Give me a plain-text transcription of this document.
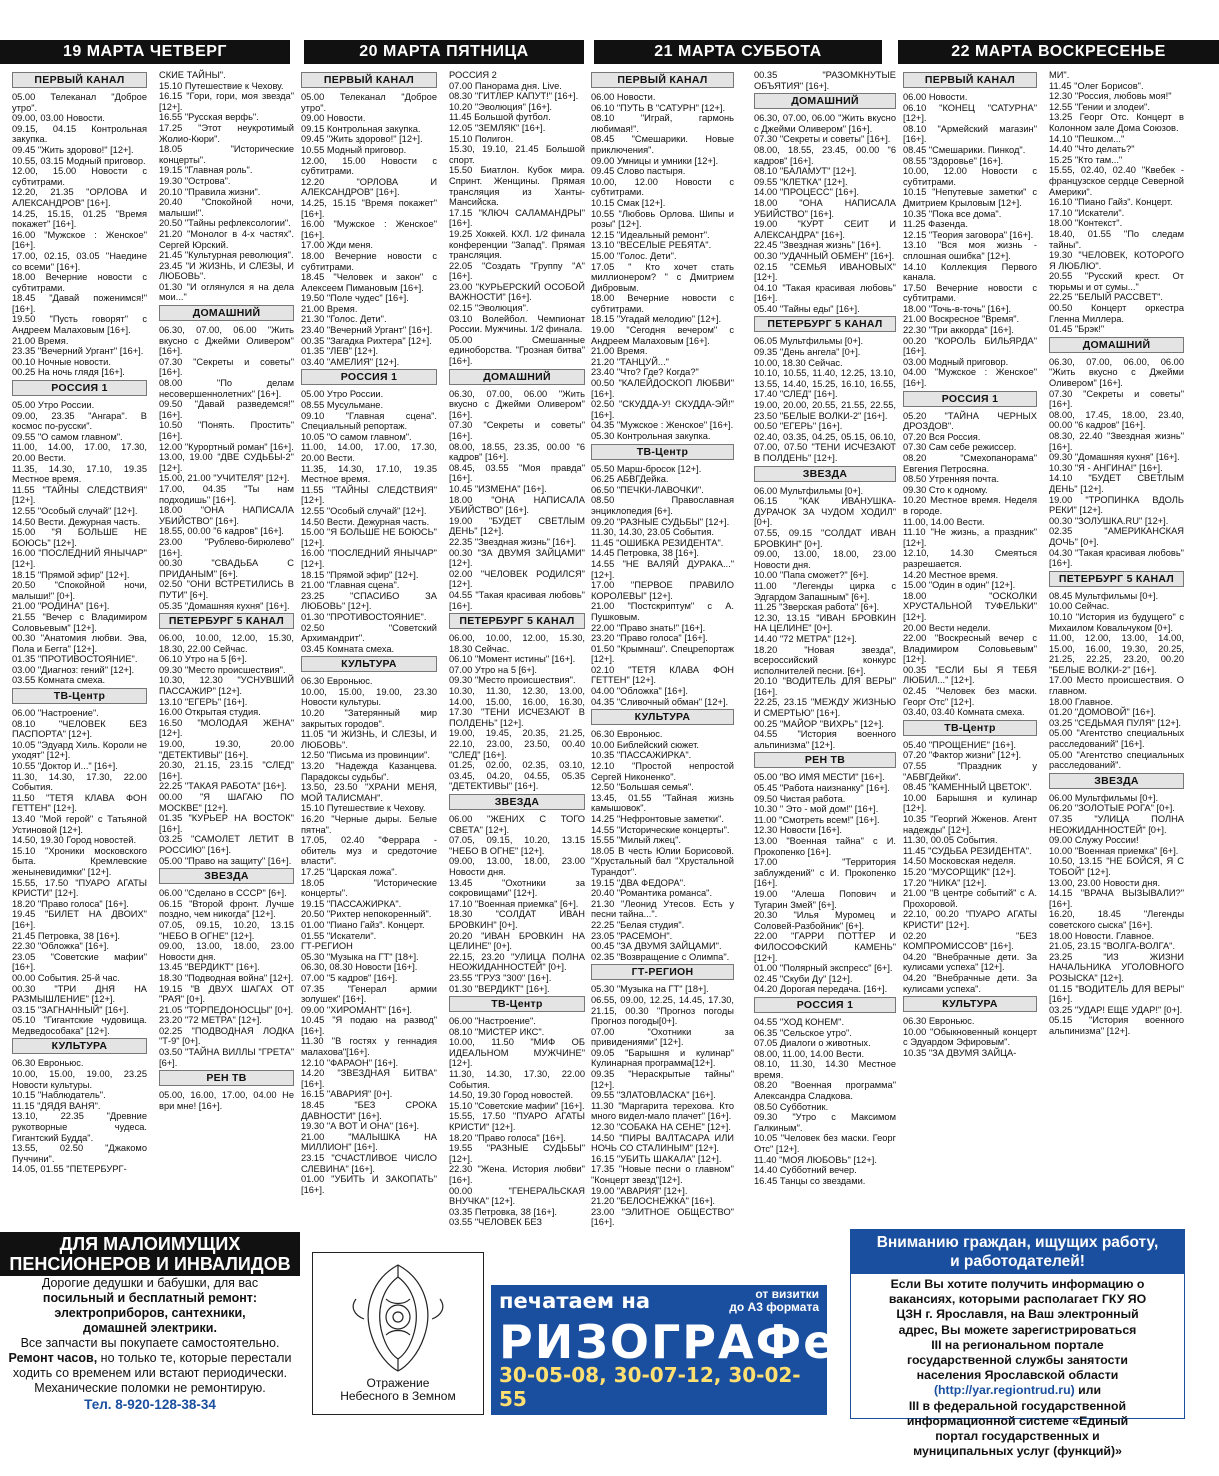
19 МАРТА ЧЕТВЕРГ	20 МАРТА ПЯТНИЦА	21 МАРТА СУББОТА	22 МАРТА ВОСКРЕСЕНЬЕ
ПЕРВЫЙ КАНАЛ
05.00 Телеканал "Доброе утро".
09.00, 03.00 Новости.
09.15, 04.15 Контрольная закупка.
09.45 "Жить здорово!" [12+].
10.55, 03.15 Модный приговор.
12.00, 15.00 Новости с субтитрами.
12.20, 21.35 "ОРЛОВА И АЛЕКСАНДРОВ" [16+].
14.25, 15.15, 01.25 "Время покажет" [16+].
16.00 "Мужское : Женское" [16+].
17.00, 02.15, 03.05 "Наедине со всеми" [16+].
18.00 Вечерние новости с субтитрами.
18.45 "Давай поженимся!" [16+].
19.50 "Пусть говорят" с Андреем Малаховым [16+].
21.00 Время.
23.35 "Вечерний Ургант" [16+].
00.10 Ночные новости.
00.25 На ночь глядя [16+].
РОССИЯ 1
05.00 Утро России.
09.00, 23.35 "Ангара". В космос по-русски".
09.55 "О самом главном".
11.00, 14.00, 17.00, 17.30, 20.00 Вести.
11.35, 14.30, 17.10, 19.35 Местное время.
11.55 "ТАЙНЫ СЛЕДСТВИЯ" [12+].
12.55 "Особый случай" [12+].
14.50 Вести. Дежурная часть.
15.00 "Я БОЛЬШЕ НЕ БОЮСЬ" [12+].
16.00 "ПОСЛЕДНИЙ ЯНЫЧАР" [12+].
18.15 "Прямой эфир" [12+].
20.50 "Спокойной ночи, малыши!" [0+].
21.00 "РОДИНА" [16+].
21.55 "Вечер с Владимиром Соловьевым" [12+].
00.30 "Анатомия любви. Эва, Пола и Бегга" [12+].
01.35 "ПРОТИВОСТОЯНИЕ".
03.00 "Диагноз: гений" [12+].
03.55 Комната смеха.
ТВ-Центр
06.00 "Настроение".
08.10 "ЧЕЛОВЕК БЕЗ ПАСПОРТА" [12+].
10.05 "Эдуард Хиль. Короли не уходят" [12+].
10.55 "Доктор И..." [16+].
11.30, 14.30, 17.30, 22.00 События.
11.50 "ТЕТЯ КЛАВА ФОН ГЕТТЕН" [12+].
13.40 "Мой герой" с Татьяной Устиновой [12+].
14.50, 19.30 Город новостей.
15.10 "Хроники московского быта. Кремлевские женыневидимки" [12+].
15.55, 17.50 "ПУАРО АГАТЫ КРИСТИ" [12+].
18.20 "Право голоса" [16+].
19.45 "БИЛЕТ НА ДВОИХ" [16+].
21.45 Петровка, 38 [16+].
22.30 "Обложка" [16+].
23.05 "Советские мафии" [16+].
00.00 События. 25-й час.
00.30 "ТРИ ДНЯ НА РАЗМЫШЛЕНИЕ" [12+].
03.15 "ЗАГНАННЫЙ" [16+].
05.10 "Гигантские чудовища. Медведособака" [12+].
КУЛЬТУРА
06.30 Евроньюс.
10.00, 15.00, 19.00, 23.25 Новости культуры.
10.15 "Наблюдатель".
11.15 "ДЯДЯ ВАНЯ".
13.10, 22.35 "Древние рукотворные чудеса. Гигантский Будда".
13.55, 02.50 "Джакомо Пуччини".
14.05, 01.55 "ПЕТЕРБУРГ-
СКИЕ ТАЙНЫ".
15.10 Путешествие к Чехову.
16.15 "Гори, гори, моя звезда" [12+].
16.55 "Русская верфь".
17.25 "Этот неукротимый Жолио-Кюри".
18.05 "Исторические концерты".
19.15 "Главная роль".
19.30 "Острова".
20.10 "Правила жизни".
20.40 "Спокойной ночи, малыши!".
20.50 "Тайны рефлексологии".
21.20 "Монолог в 4-х частях". Сергей Юрский.
21.45 "Культурная революция".
23.45 "И ЖИЗНЬ, И СЛЕЗЫ, И ЛЮБОВЬ".
01.30 "И оглянулся я на дела мои..."
ДОМАШНИЙ
06.30, 07.00, 06.00 "Жить вкусно с Джейми Оливером" [16+].
07.30 "Секреты и советы" [16+].
08.00 "По делам несовершеннолетних" [16+].
09.50 "Давай разведемся!" [16+].
10.50 "Понять. Простить" [16+].
12.00 "Курортный роман" [16+].
13.00, 19.00 "ДВЕ СУДЬБЫ-2" [12+].
15.00, 21.00 "УЧИТЕЛЯ" [12+].
17.00, 04.35 "Ты нам подходишь" [16+].
18.00 "ОНА НАПИСАЛА УБИЙСТВО" [16+].
18.55, 00.00 "6 кадров" [16+].
23.00 "Рублево-бирюлево" [16+].
00.30 "СВАДЬБА С ПРИДАНЫМ" [6+].
02.50 "ОНИ ВСТРЕТИЛИСЬ В ПУТИ" [6+].
05.35 "Домашняя кухня" [16+].
ПЕТЕРБУРГ 5 КАНАЛ
06.00, 10.00, 12.00, 15.30, 18.30, 22.00 Сейчас.
06.10 Утро на 5 [6+].
09.30 "Место происшествия".
10.30, 12.30 "УСНУВШИЙ ПАССАЖИР" [12+].
13.10 "ЕГЕРЬ" [16+].
16.00 Открытая студия.
16.50 "МОЛОДАЯ ЖЕНА" [12+].
19.00, 19.30, 20.00 "ДЕТЕКТИВЫ" [16+].
20.30, 21.15, 23.15 "СЛЕД" [16+].
22.25 "ТАКАЯ РАБОТА" [16+].
00.00 "Я ШАГАЮ ПО МОСКВЕ" [12+].
01.35 "КУРЬЕР НА ВОСТОК" [16+].
03.25 "САМОЛЕТ ЛЕТИТ В РОССИЮ" [16+].
05.00 "Право на защиту" [16+].
ЗВЕЗДА
06.00 "Сделано в СССР" [6+].
06.15 "Второй фронт. Лучше поздно, чем никогда" [12+].
07.05, 09.15, 10.20, 13.15 "НЕБО В ОГНЕ" [12+].
09.00, 13.00, 18.00, 23.00 Новости дня.
13.45 "ВЕРДИКТ" [16+].
18.30 "Подводная война" [12+].
19.15 "В ДВУХ ШАГАХ ОТ "РАЯ" [0+].
21.05 "ТОРПЕДОНОСЦЫ" [0+].
23.20 "72 МЕТРА" [12+].
02.25 "ПОДВОДНАЯ ЛОДКА "Т-9" [0+].
03.50 "ТАЙНА ВИЛЛЫ "ГРЕТА" [6+].
РЕН ТВ
05.00, 16.00, 17.00, 04.00 Не ври мне! [16+].
ПЕРВЫЙ КАНАЛ
05.00 Телеканал "Доброе утро".
09.00 Новости.
09.15 Контрольная закупка.
09.45 "Жить здорово!" [12+].
10.55 Модный приговор.
12.00, 15.00 Новости с субтитрами.
12.20 "ОРЛОВА И АЛЕКСАНДРОВ" [16+].
14.25, 15.15 "Время покажет" [16+].
16.00 "Мужское : Женское" [16+].
17.00 Жди меня.
18.00 Вечерние новости с субтитрами.
18.45 "Человек и закон" с Алексеем Пимановым [16+].
19.50 "Поле чудес" [16+].
21.00 Время.
21.30 "Голос. Дети".
23.40 "Вечерний Ургант" [16+].
00.35 "Загадка Рихтера" [12+].
01.35 "ЛЕВ" [12+].
03.40 "АМЕЛИЯ" [12+].
РОССИЯ 1
05.00 Утро России.
08.55 Мусульмане.
09.10 "Главная сцена". Специальный репортаж.
10.05 "О самом главном".
11.00, 14.00, 17.00, 17.30, 20.00 Вести.
11.35, 14.30, 17.10, 19.35 Местное время.
11.55 "ТАЙНЫ СЛЕДСТВИЯ" [12+].
12.55 "Особый случай" [12+].
14.50 Вести. Дежурная часть.
15.00 "Я БОЛЬШЕ НЕ БОЮСЬ" [12+].
16.00 "ПОСЛЕДНИЙ ЯНЫЧАР" [12+].
18.15 "Прямой эфир" [12+].
21.00 "Главная сцена".
23.25 "СПАСИБО ЗА ЛЮБОВЬ" [12+].
01.30 "ПРОТИВОСТОЯНИЕ".
02.50 "Советский Архимандрит".
03.45 Комната смеха.
КУЛЬТУРА
06.30 Евроньюс.
10.00, 15.00, 19.00, 23.30 Новости культуры.
10.20 "Затерянный мир закрытых городов".
11.05 "И ЖИЗНЬ, И СЛЕЗЫ, И ЛЮБОВЬ".
12.50 "Письма из провинции".
13.20 "Надежда Казанцева. Парадоксы судьбы".
13.50, 23.50 "ХРАНИ МЕНЯ, МОЙ ТАЛИСМАН".
15.10 Путешествие к Чехову.
16.20 "Черные дыры. Белые пятна".
17.05, 02.40 "Феррара - обитель муз и средоточие власти".
17.25 "Царская ложа".
18.05 "Исторические концерты".
19.15 "ПАССАЖИРКА".
20.50 "Рихтер непокоренный".
01.00 "Пиано Гайз". Концерт.
01.55 "Искатели".
ГТ-РЕГИОН
05.30 "Музыка на ГТ" [18+].
06.30, 08.30 Новости [16+].
07.00 "5 кадров" [16+].
07.35 "Генерал армии золушек" [16+].
09.00 "ХИРОМАНТ" [16+].
10.45 "Я подаю на развод" [16+].
11.30 "В гостях у геннадия малахова"[16+].
12.10 "ФАРАОН" [16+].
14.20 "ЗВЕЗДНАЯ БИТВА" [16+].
16.15 "АВАРИЯ" [0+].
18.45 "БЕЗ СРОКА ДАВНОСТИ" [16+].
19.30 "А ВОТ И ОНА" [16+].
21.00 "МАЛЫШКА НА МИЛЛИОН" [16+].
23.15 "СЧАСТЛИВОЕ ЧИСЛО СЛЕВИНА" [16+].
01.00 "УБИТЬ И ЗАКОПАТЬ" [16+].
РОССИЯ 2
07.00 Панорама дня. Live.
08.30 "ГИТЛЕР КАПУТ!" [16+].
10.20 "Эволюция" [16+].
11.45 Большой футбол.
12.05 "ЗЕМЛЯК" [16+].
15.10 Полигон.
15.30, 19.10, 21.45 Большой спорт.
15.50 Биатлон. Кубок мира. Спринт. Женщины. Прямая трансляция из Ханты-Мансийска.
17.15 "КЛЮЧ САЛАМАНДРЫ" [16+].
19.25 Хоккей. КХЛ. 1/2 финала конференции "Запад". Прямая трансляция.
22.05 "Создать "Группу "А" [16+].
23.00 "КУРЬЕРСКИЙ ОСОБОЙ ВАЖНОСТИ" [16+].
02.15 "Эволюция".
03.10 Волейбол. Чемпионат России. Мужчины. 1/2 финала.
05.00 Смешанные единоборства. "Грозная битва" [16+].
ДОМАШНИЙ
06.30, 07.00, 06.00 "Жить вкусно с Джейми Оливером" [16+].
07.30 "Секреты и советы" [16+].
08.00, 18.55, 23.35, 00.00 "6 кадров" [16+].
08.45, 03.55 "Моя правда" [16+].
10.45 "ИЗМЕНА" [16+].
18.00 "ОНА НАПИСАЛА УБИЙСТВО" [16+].
19.00 "БУДЕТ СВЕТЛЫМ ДЕНЬ" [12+].
22.35 "Звездная жизнь" [16+].
00.30 "ЗА ДВУМЯ ЗАЙЦАМИ" [12+].
02.00 "ЧЕЛОВЕК РОДИЛСЯ" [12+].
04.55 "Такая красивая любовь" [16+].
ПЕТЕРБУРГ 5 КАНАЛ
06.00, 10.00, 12.00, 15.30, 18.30 Сейчас.
06.10 "Момент истины" [16+].
07.00 Утро на 5 [6+].
09.30 "Место происшествия".
10.30, 11.30, 12.30, 13.00, 14.00, 15.00, 16.00, 16.30, 17.30 "ТЕНИ ИСЧЕЗАЮТ В ПОЛДЕНЬ" [12+].
19.00, 19.45, 20.35, 21.25, 22.10, 23.00, 23.50, 00.40 "СЛЕД" [16+].
01.25, 02.00, 02.35, 03.10, 03.45, 04.20, 04.55, 05.35 "ДЕТЕКТИВЫ" [16+].
ЗВЕЗДА
06.00 "ЖЕНИХ С ТОГО СВЕТА" [12+].
07.05, 09.15, 10.20, 13.15 "НЕБО В ОГНЕ" [12+].
09.00, 13.00, 18.00, 23.00 Новости дня.
13.45 "Охотники за сокровищами" [12+].
17.10 "Военная приемка" [6+].
18.30 "СОЛДАТ ИВАН БРОВКИН" [0+].
20.20 "ИВАН БРОВКИН НА ЦЕЛИНЕ" [0+].
22.15, 23.20 "УЛИЦА ПОЛНА НЕОЖИДАННОСТЕЙ" [0+].
23.55 "ГРУЗ "300" [16+].
01.30 "ВЕРДИКТ" [16+].
ТВ-Центр
06.00 "Настроение".
08.10 "МИСТЕР ИКС".
10.00, 11.50 "МИФ ОБ ИДЕАЛЬНОМ МУЖЧИНЕ" [12+].
11.30, 14.30, 17.30, 22.00 События.
14.50, 19.30 Город новостей.
15.10 "Советские мафии" [16+].
15.55, 17.50 "ПУАРО АГАТЫ КРИСТИ" [12+].
18.20 "Право голоса" [16+].
19.55 "РАЗНЫЕ СУДЬБЫ" [12+].
22.30 "Жена. История любви" [16+].
00.00 "ГЕНЕРАЛЬСКАЯ ВНУЧКА" [12+].
03.35 Петровка, 38 [16+].
03.55 "ЧЕЛОВЕК БЕЗ
ПЕРВЫЙ КАНАЛ
06.00 Новости.
06.10 "ПУТЬ В "САТУРН" [12+].
08.10 "Играй, гармонь любимая!".
08.45 "Смешарики. Новые приключения".
09.00 Умницы и умники [12+].
09.45 Слово пастыря.
10.00, 12.00 Новости с субтитрами.
10.15 Смак [12+].
10.55 "Любовь Орлова. Шипы и розы" [12+].
12.15 "Идеальный ремонт".
13.10 "ВЕСЕЛЫЕ РЕБЯТА".
15.00 "Голос. Дети".
17.05 " Кто хочет стать миллионером? " с Дмитрием Дибровым.
18.00 Вечерние новости с субтитрами.
18.15 "Угадай мелодию" [12+].
19.00 "Сегодня вечером" с Андреем Малаховым [16+].
21.00 Время.
21.20 "ТАНЦУЙ..."
23.40 "Что? Где? Когда?"
00.50 "КАЛЕЙДОСКОП ЛЮБВИ" [16+].
02.50 "СКУДДА-У! СКУДДА-ЭЙ!" [16+].
04.35 "Мужское : Женское" [16+].
05.30 Контрольная закупка.
ТВ-Центр
05.50 Марш-бросок [12+].
06.25 АБВГДейка.
06.50 "ПЕЧКИ-ЛАВОЧКИ".
08.50 Православная энциклопедия [6+].
09.20 "РАЗНЫЕ СУДЬБЫ" [12+].
11.30, 14.30, 23.05 События.
11.45 "ОШИБКА РЕЗИДЕНТА".
14.45 Петровка, 38 [16+].
14.55 "НЕ ВАЛЯЙ ДУРАКА..." [12+].
17.00 "ПЕРВОЕ ПРАВИЛО КОРОЛЕВЫ" [12+].
21.00 "Постскриптум" с А. Пушковым.
22.00 "Право знать!" [16+].
23.20 "Право голоса" [16+].
01.50 "Крымнаш". Спецрепортаж [12+].
02.10 "ТЕТЯ КЛАВА ФОН ГЕТТЕН" [12+].
04.00 "Обложка" [16+].
04.35 "Сливочный обман" [12+].
КУЛЬТУРА
06.30 Евроньюс.
10.00 Библейский сюжет.
10.35 "ПАССАЖИРКА".
12.10 "Простой непростой Сергей Никоненко".
12.50 "Большая семья".
13.45, 01.55 "Тайная жизнь камышовок".
14.25 "Нефронтовые заметки".
14.55 "Исторические концерты".
15.55 "Милый лжец".
18.05 В честь Юлии Борисовой. "Хрустальный бал "Хрустальной Турандот".
19.15 "ДВА ФЕДОРА".
20.40 "Романтика романса".
21.30 "Леонид Утесов. Есть у песни тайна...".
22.25 "Белая студия".
23.05 "РАСЕМОН".
00.45 "ЗА ДВУМЯ ЗАЙЦАМИ".
02.35 "Возвращение с Олимпа".
ГТ-РЕГИОН
05.30 "Музыка на ГТ" [18+].
06.55, 09.00, 12.25, 14.45, 17.30, 21.15, 00.30 "Прогноз погоды Прогноз погоды[0+].
07.00 "Охотники за привидениями" [12+].
09.05 "Барышня и кулинар" Кулинарная программа[12+].
09.35 "Нераскрытые тайны" [12+].
09.55 "ЗЛАТОВЛАСКА" [16+].
11.30 "Маргарита терехова. Кто много видел-мало плачет" [16+].
12.30 "СОБАКА НА СЕНЕ" [12+].
14.50 "ПИРЫ ВАЛТАСАРА ИЛИ НОЧЬ СО СТАЛИНЫМ" [12+].
16.15 "УБИТЬ ШАКАЛА" [12+].
17.35 "Новые песни о главном" "Концерт звезд"[12+].
19.00 "АВАРИЯ" [12+].
21.20 "БЕЛОСНЕЖКА" [16+].
23.00 "ЭЛИТНОЕ ОБЩЕСТВО" [16+].
00.35 "РАЗОМКНУТЫЕ ОБЪЯТИЯ" [16+].
ДОМАШНИЙ
06.30, 07.00, 06.00 "Жить вкусно с Джейми Оливером" [16+].
07.30 "Секреты и советы" [16+].
08.00, 18.55, 23.45, 00.00 "6 кадров" [16+].
08.10 "БАЛАМУТ" [12+].
09.55 "КЛЕТКА" [12+].
14.00 "ПРОЦЕСС" [16+].
18.00 "ОНА НАПИСАЛА УБИЙСТВО" [16+].
19.00 "КУРТ СЕИТ И АЛЕКСАНДРА" [16+].
22.45 "Звездная жизнь" [16+].
00.30 "УДАЧНЫЙ ОБМЕН" [16+].
02.15 "СЕМЬЯ ИВАНОВЫХ" [12+].
04.10 "Такая красивая любовь" [16+].
05.40 "Тайны еды" [16+].
ПЕТЕРБУРГ 5 КАНАЛ
06.05 Мультфильмы [0+].
09.35 "День ангела" [0+].
10.00, 18.30 Сейчас.
10.10, 10.55, 11.40, 12.25, 13.10, 13.55, 14.40, 15.25, 16.10, 16.55, 17.40 "СЛЕД" [16+].
19.00, 20.00, 20.55, 21.55, 22.55, 23.50 "БЕЛЫЕ ВОЛКИ-2" [16+].
00.50 "ЕГЕРЬ" [16+].
02.40, 03.35, 04.25, 05.15, 06.10, 07.00, 07.50 "ТЕНИ ИСЧЕЗАЮТ В ПОЛДЕНЬ" [12+].
ЗВЕЗДА
06.00 Мультфильмы [0+].
06.15 "КАК ИВАНУШКА-ДУРАЧОК ЗА ЧУДОМ ХОДИЛ" [0+].
07.55, 09.15 "СОЛДАТ ИВАН БРОВКИН" [0+].
09.00, 13.00, 18.00, 23.00 Новости дня.
10.00 "Папа сможет?" [6+].
11.00 "Легенды цирка с Эдгардом Запашным" [6+].
11.25 "Зверская работа" [6+].
12.30, 13.15 "ИВАН БРОВКИН НА ЦЕЛИНЕ" [0+].
14.40 "72 МЕТРА" [12+].
18.20 "Новая звезда", всероссийский конкурс исполнителей песни. [6+].
20.10 "ВОДИТЕЛЬ ДЛЯ ВЕРЫ" [16+].
22.25, 23.15 "МЕЖДУ ЖИЗНЬЮ И СМЕРТЬЮ" [16+].
00.25 "МАЙОР "ВИХРЬ" [12+].
04.55 "История военного альпинизма" [12+].
РЕН ТВ
05.00 "ВО ИМЯ МЕСТИ" [16+].
05.45 "Работа наизнанку" [16+].
09.50 Чистая работа.
10.30 " Это - мой дом!" [16+].
11.00 "Смотреть всем!" [16+].
12.30 Новости [16+].
13.00 "Военная тайна" с И. Прокопенко [16+].
17.00 "Территория заблуждений" с И. Прокопенко [16+].
19.00 "Алеша Попович и Тугарин Змей" [6+].
20.30 "Илья Муромец и Соловей-Разбойник" [6+].
22.00 "ГАРРИ ПОТТЕР И ФИЛОСОФСКИЙ КАМЕНЬ" [12+].
01.00 "Полярный экспресс" [6+].
02.45 "Скуби Ду" [12+].
04.20 Дорогая передача. [16+].
РОССИЯ 1
04.55 "ХОД КОНЕМ".
06.35 "Сельское утро".
07.05 Диалоги о животных.
08.00, 11.00, 14.00 Вести.
08.10, 11.30, 14.30 Местное время.
08.20 "Военная программа" Александра Сладкова.
08.50 Субботник.
09.30 "Утро с Максимом Галкиным".
10.05 "Человек без маски. Георг Отс" [12+].
11.40 "МОЯ ЛЮБОВЬ" [12+].
14.40 Субботний вечер.
16.45 Танцы со звездами.
ПЕРВЫЙ КАНАЛ
06.00 Новости.
06.10 "КОНЕЦ "САТУРНА" [12+].
08.10 "Армейский магазин" [16+].
08.45 "Смешарики. Пинкод".
08.55 "Здоровье" [16+].
10.00, 12.00 Новости с субтитрами.
10.15 "Непутевые заметки" с Дмитрием Крыловым [12+].
10.35 "Пока все дома".
11.25 Фазенда.
12.15 "Теория заговора" [16+].
13.10 "Вся моя жизнь - сплошная ошибка" [12+].
14.10 Коллекция Первого канала.
17.50 Вечерние новости с субтитрами.
18.00 "Точь-в-точь" [16+].
21.00 Воскресное "Время".
22.30 "Три аккорда" [16+].
00.20 "КОРОЛЬ БИЛЬЯРДА" [16+].
03.00 Модный приговор.
04.00 "Мужское : Женское" [16+].
РОССИЯ 1
05.20 "ТАЙНА ЧЕРНЫХ ДРОЗДОВ".
07.20 Вся Россия.
07.30 Сам себе режиссер.
08.20 "Смехопанорама" Евгения Петросяна.
08.50 Утренняя почта.
09.30 Сто к одному.
10.20 Местное время. Неделя в городе.
11.00, 14.00 Вести.
11.10 "Не жизнь, а праздник" [12+].
12.10, 14.30 Смеяться разрешается.
14.20 Местное время.
15.00 "Один в один" [12+].
18.00 "ОСКОЛКИ ХРУСТАЛЬНОЙ ТУФЕЛЬКИ" [12+].
20.00 Вести недели.
22.00 "Воскресный вечер с Владимиром Соловьевым" [12+].
00.35 "ЕСЛИ БЫ Я ТЕБЯ ЛЮБИЛ..." [12+].
02.45 "Человек без маски. Георг Отс" [12+].
03.40, 03.40 Комната смеха.
ТВ-Центр
05.40 "ПРОЩЕНИЕ" [16+].
07.20 "Фактор жизни" [12+].
07.55 "Праздник у "АБВГДейки".
08.45 "КАМЕННЫЙ ЦВЕТОК".
10.00 Барышня и кулинар [12+].
10.35 "Георгий Жженов. Агент надежды" [12+].
11.30, 00.05 События.
11.45 "СУДЬБА РЕЗИДЕНТА".
14.50 Московская неделя.
15.20 "МУСОРЩИК" [12+].
17.20 "НИКА" [12+].
21.00 "В центре событий" с А. Прохоровой.
22.10, 00.20 "ПУАРО АГАТЫ КРИСТИ" [12+].
02.20 "БЕЗ КОМПРОМИССОВ" [16+].
04.20 "Внебрачные дети. За кулисами успеха" [12+].
04.20 "Внебрачные дети. За кулисами успеха".
КУЛЬТУРА
06.30 Евроньюс.
10.00 "Обыкновенный концерт с Эдуардом Эфировым".
10.35 "ЗА ДВУМЯ ЗАЙЦА-
МИ".
11.45 "Олег Борисов".
12.30 "Россия, любовь моя!"
12.55 "Гении и злодеи".
13.25 Георг Отс. Концерт в Колонном зале Дома Союзов.
14.10 "Пешком..."
14.40 "Что делать?"
15.25 "Кто там..."
15.55, 02.40, 02.40 "Квебек - французское сердце Северной Америки".
16.10 "Пиано Гайз". Концерт.
17.10 "Искатели".
18.00 "Контекст".
18.40, 01.55 "По следам тайны".
19.30 "ЧЕЛОВЕК, КОТОРОГО Я ЛЮБЛЮ".
20.55 "Русский крест. От тюрьмы и от сумы..."
22.25 "БЕЛЫЙ РАССВЕТ".
00.50 Концерт оркестра Гленна Миллера.
01.45 "Брэк!"
ДОМАШНИЙ
06.30, 07.00, 06.00, 06.00 "Жить вкусно с Джейми Оливером" [16+].
07.30 "Секреты и советы" [16+].
08.00, 17.45, 18.00, 23.40, 00.00 "6 кадров" [16+].
08.30, 22.40 "Звездная жизнь" [16+].
09.30 "Домашняя кухня" [16+].
10.30 "Я - АНГИНА!" [16+].
14.10 "БУДЕТ СВЕТЛЫМ ДЕНЬ" [12+].
19.00 "ТРОПИНКА ВДОЛЬ РЕКИ" [12+].
00.30 "ЗОЛУШКА.RU" [12+].
02.35 "АМЕРИКАНСКАЯ ДОЧЬ" [0+].
04.30 "Такая красивая любовь" [16+].
ПЕТЕРБУРГ 5 КАНАЛ
08.45 Мультфильмы [0+].
10.00 Сейчас.
10.10 "История из будущего" с Михаилом Ковальчуком [0+].
11.00, 12.00, 13.00, 14.00, 15.00, 16.00, 19.30, 20.25, 21.25, 22.25, 23.20, 00.20 "БЕЛЫЕ ВОЛКИ-2" [16+].
17.00 Место происшествия. О главном.
18.00 Главное.
01.20 "ДОМОВОЙ" [16+].
03.25 "СЕДЬМАЯ ПУЛЯ" [12+].
05.00 "Агентство специальных расследований" [16+].
05.00 "Агентство специальных расследований".
ЗВЕЗДА
06.00 Мультфильмы [0+].
06.20 "ЗОЛОТЫЕ РОГА" [0+].
07.35 "УЛИЦА ПОЛНА НЕОЖИДАННОСТЕЙ" [0+].
09.00 Служу России!
10.00 "Военная приемка" [6+].
10.50, 13.15 "НЕ БОЙСЯ, Я С ТОБОЙ" [12+].
13.00, 23.00 Новости дня.
14.15 "ВРАЧА ВЫЗЫВАЛИ?" [16+].
16.20, 18.45 "Легенды советского сыска" [16+].
18.00 Новости. Главное.
21.05, 23.15 "ВОЛГА-ВОЛГА".
23.25 "ИЗ ЖИЗНИ НАЧАЛЬНИКА УГОЛОВНОГО РОЗЫСКА" [12+].
01.15 "ВОДИТЕЛЬ ДЛЯ ВЕРЫ" [16+].
03.25 "УДАР! ЕЩЕ УДАР!" [0+].
05.15 "История военного альпинизма" [12+].
ДЛЯ МАЛОИМУЩИХ
ПЕНСИОНЕРОВ И ИНВАЛИДОВ
Дорогие дедушки и бабушки, для вас
посильный и бесплатный ремонт:
электроприборов, сантехники,
домашней электрики.
Все запчасти вы покупаете самостоятельно.
Ремонт часов, но только те, которые перестали
ходить со временем или встают периодически.
Механические поломки не ремонтирую.
Тел. 8-920-128-38-34
Отражение
Небесного в Земном
печатаем на	от визитки
до А3 формата
РИЗОГРАФе
30-05-08, 30-07-12, 30-02-55
Вниманию граждан, ищущих работу,
и работодателей!
Если Вы хотите получить информацию о
вакансиях, которыми располагает ГКУ ЯО
ЦЗН г. Ярославля, на Ваш электронный
адрес, Вы можете зарегистрироваться
III на региональном портале
государственной службы занятости
населения Ярославской области
(http://yar.regiontrud.ru) или
III в федеральной государственной
информационной системе «Единый
портал государственных и
муниципальных услуг (функций)»
